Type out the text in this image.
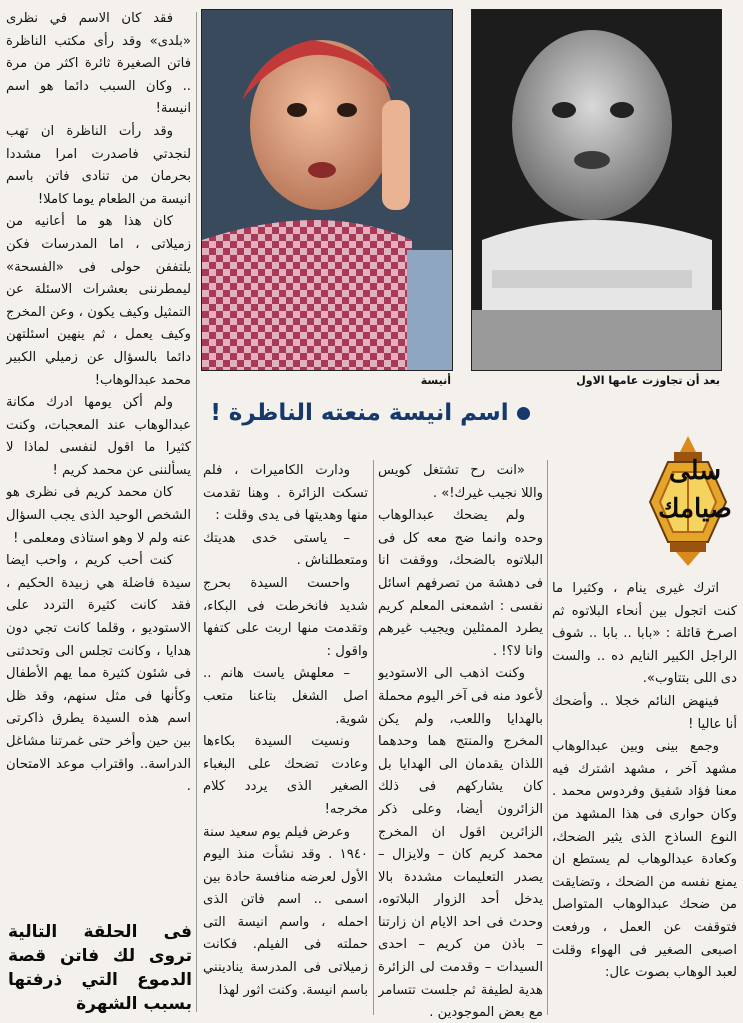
بعد أن تجاوزت عامها الاول
أنيسة
اسم انيسة منعته الناظرة !
سلى صيامك

فقد كان الاسم في نظرى «بلدى» وقد رأى مكتب الناظرة فاتن الصغيرة ثائرة اكثر من مرة .. وكان السبب دائما هو اسم انيسة!

وقد رأت الناظرة ان تهب لنجدتي فاصدرت امرا مشددا بحرمان من تنادى فاتن باسم انيسة من الطعام يوما كاملا!

كان هذا هو ما أعانيه من زميلاتى ، اما المدرسات فكن يلتففن حولى فى «الفسحة» ليمطرننى بعشرات الاسئلة عن التمثيل وكيف يكون ، وعن المخرج وكيف يعمل ، ثم ينهين اسئلتهن دائما بالسؤال عن زميلي الكبير محمد عبدالوهاب!

ولم أكن يومها ادرك مكانة عبدالوهاب عند المعجبات، وكنت كثيرا ما اقول لنفسى لماذا لا يسألننى عن محمد كريم !

كان محمد كريم فى نظرى هو الشخص الوحيد الذى يجب السؤال عنه ولم لا وهو استاذى ومعلمى !

كنت أحب كريم ، واحب ايضا سيدة فاضلة هي زبيدة الحكيم ، فقد كانت كثيرة التردد على الاستوديو ، وقلما كانت تجي دون هدايا ، وكانت تجلس الى وتحدثنى فى شئون كثيرة مما يهم الأطفال وكأنها فى مثل سنهم، وقد ظل اسم هذه السيدة يطرق ذاكرتى بين حين وأخر حتى غمرتنا مشاغل الدراسة.. واقتراب موعد الامتحان .

فى الحلقة التالية تروى لك فاتن قصة الدموع التي ذرفتها بسبب الشهرة

ودارت الكاميرات ، فلم تسكت الزائرة . وهنا تقدمت منها وهديتها فى يدى وقلت :

– ياستى خدى هديتك ومتعطلناش .

واحست السيدة بحرج شديد فانخرطت فى البكاء، وتقدمت منها اربت على كتفها واقول :

– معلهش ياست هانم .. اصل الشغل بتاعنا متعب شوية.

ونسيت السيدة بكاءها وعادت تضحك على البغباء الصغير الذى يردد كلام مخرجه!

وعرض فيلم يوم سعيد سنة ١٩٤٠ . وقد نشأت منذ اليوم الأول لعرضه منافسة حادة بين اسمى .. اسم فاتن الذى احمله ، واسم انيسة التى حملته فى الفيلم. فكانت زميلاتى فى المدرسة ينادينني باسم انيسة. وكنت اثور لهذا

«انت رح تشتغل كويس واللا نجيب غيرك!» .

ولم يضحك عبدالوهاب وحده وانما ضج معه كل فى البلاتوه بالضحك، ووقفت انا فى دهشة من تصرفهم اسائل نفسى : اشمعنى المعلم كريم يطرد الممثلين ويجيب غيرهم وانا لا؟! .

وكنت اذهب الى الاستوديو لأعود منه فى آخر اليوم محملة بالهدايا واللعب، ولم يكن المخرج والمنتج هما وحدهما اللذان يقدمان الى الهدايا بل كان يشاركهم فى ذلك الزائرون أيضا، وعلى ذكر الزائرين اقول ان المخرج محمد كريم كان – ولايزال – يصدر التعليمات مشددة بالا يدخل أحد الزوار البلاتوه، وحدث فى احد الايام ان زارتنا – باذن من كريم – احدى السيدات – وقدمت لى الزائرة هدية لطيفة ثم جلست تتسامر مع بعض الموجودين .

اترك غيرى ينام ، وكثيرا ما كنت اتجول بين أنحاء البلاتوه ثم اصرخ قائلة : «بابا .. بابا .. شوف الراجل الكبير النايم ده .. والست دى اللى بتتاوب».

فينهض النائم خجلا .. وأضحك أنا عاليا !

وجمع بينى وبين عبدالوهاب مشهد آخر ، مشهد اشترك فيه معنا فؤاد شفيق وفردوس محمد . وكان حوارى فى هذا المشهد من النوع الساذج الذى يثير الضحك، وكعادة عبدالوهاب لم يستطع ان يمنع نفسه من الضحك ، وتضايقت من ضحك عبدالوهاب المتواصل فتوقفت عن العمل ، ورفعت اصبعى الصغير فى الهواء وقلت لعبد الوهاب بصوت عال:
